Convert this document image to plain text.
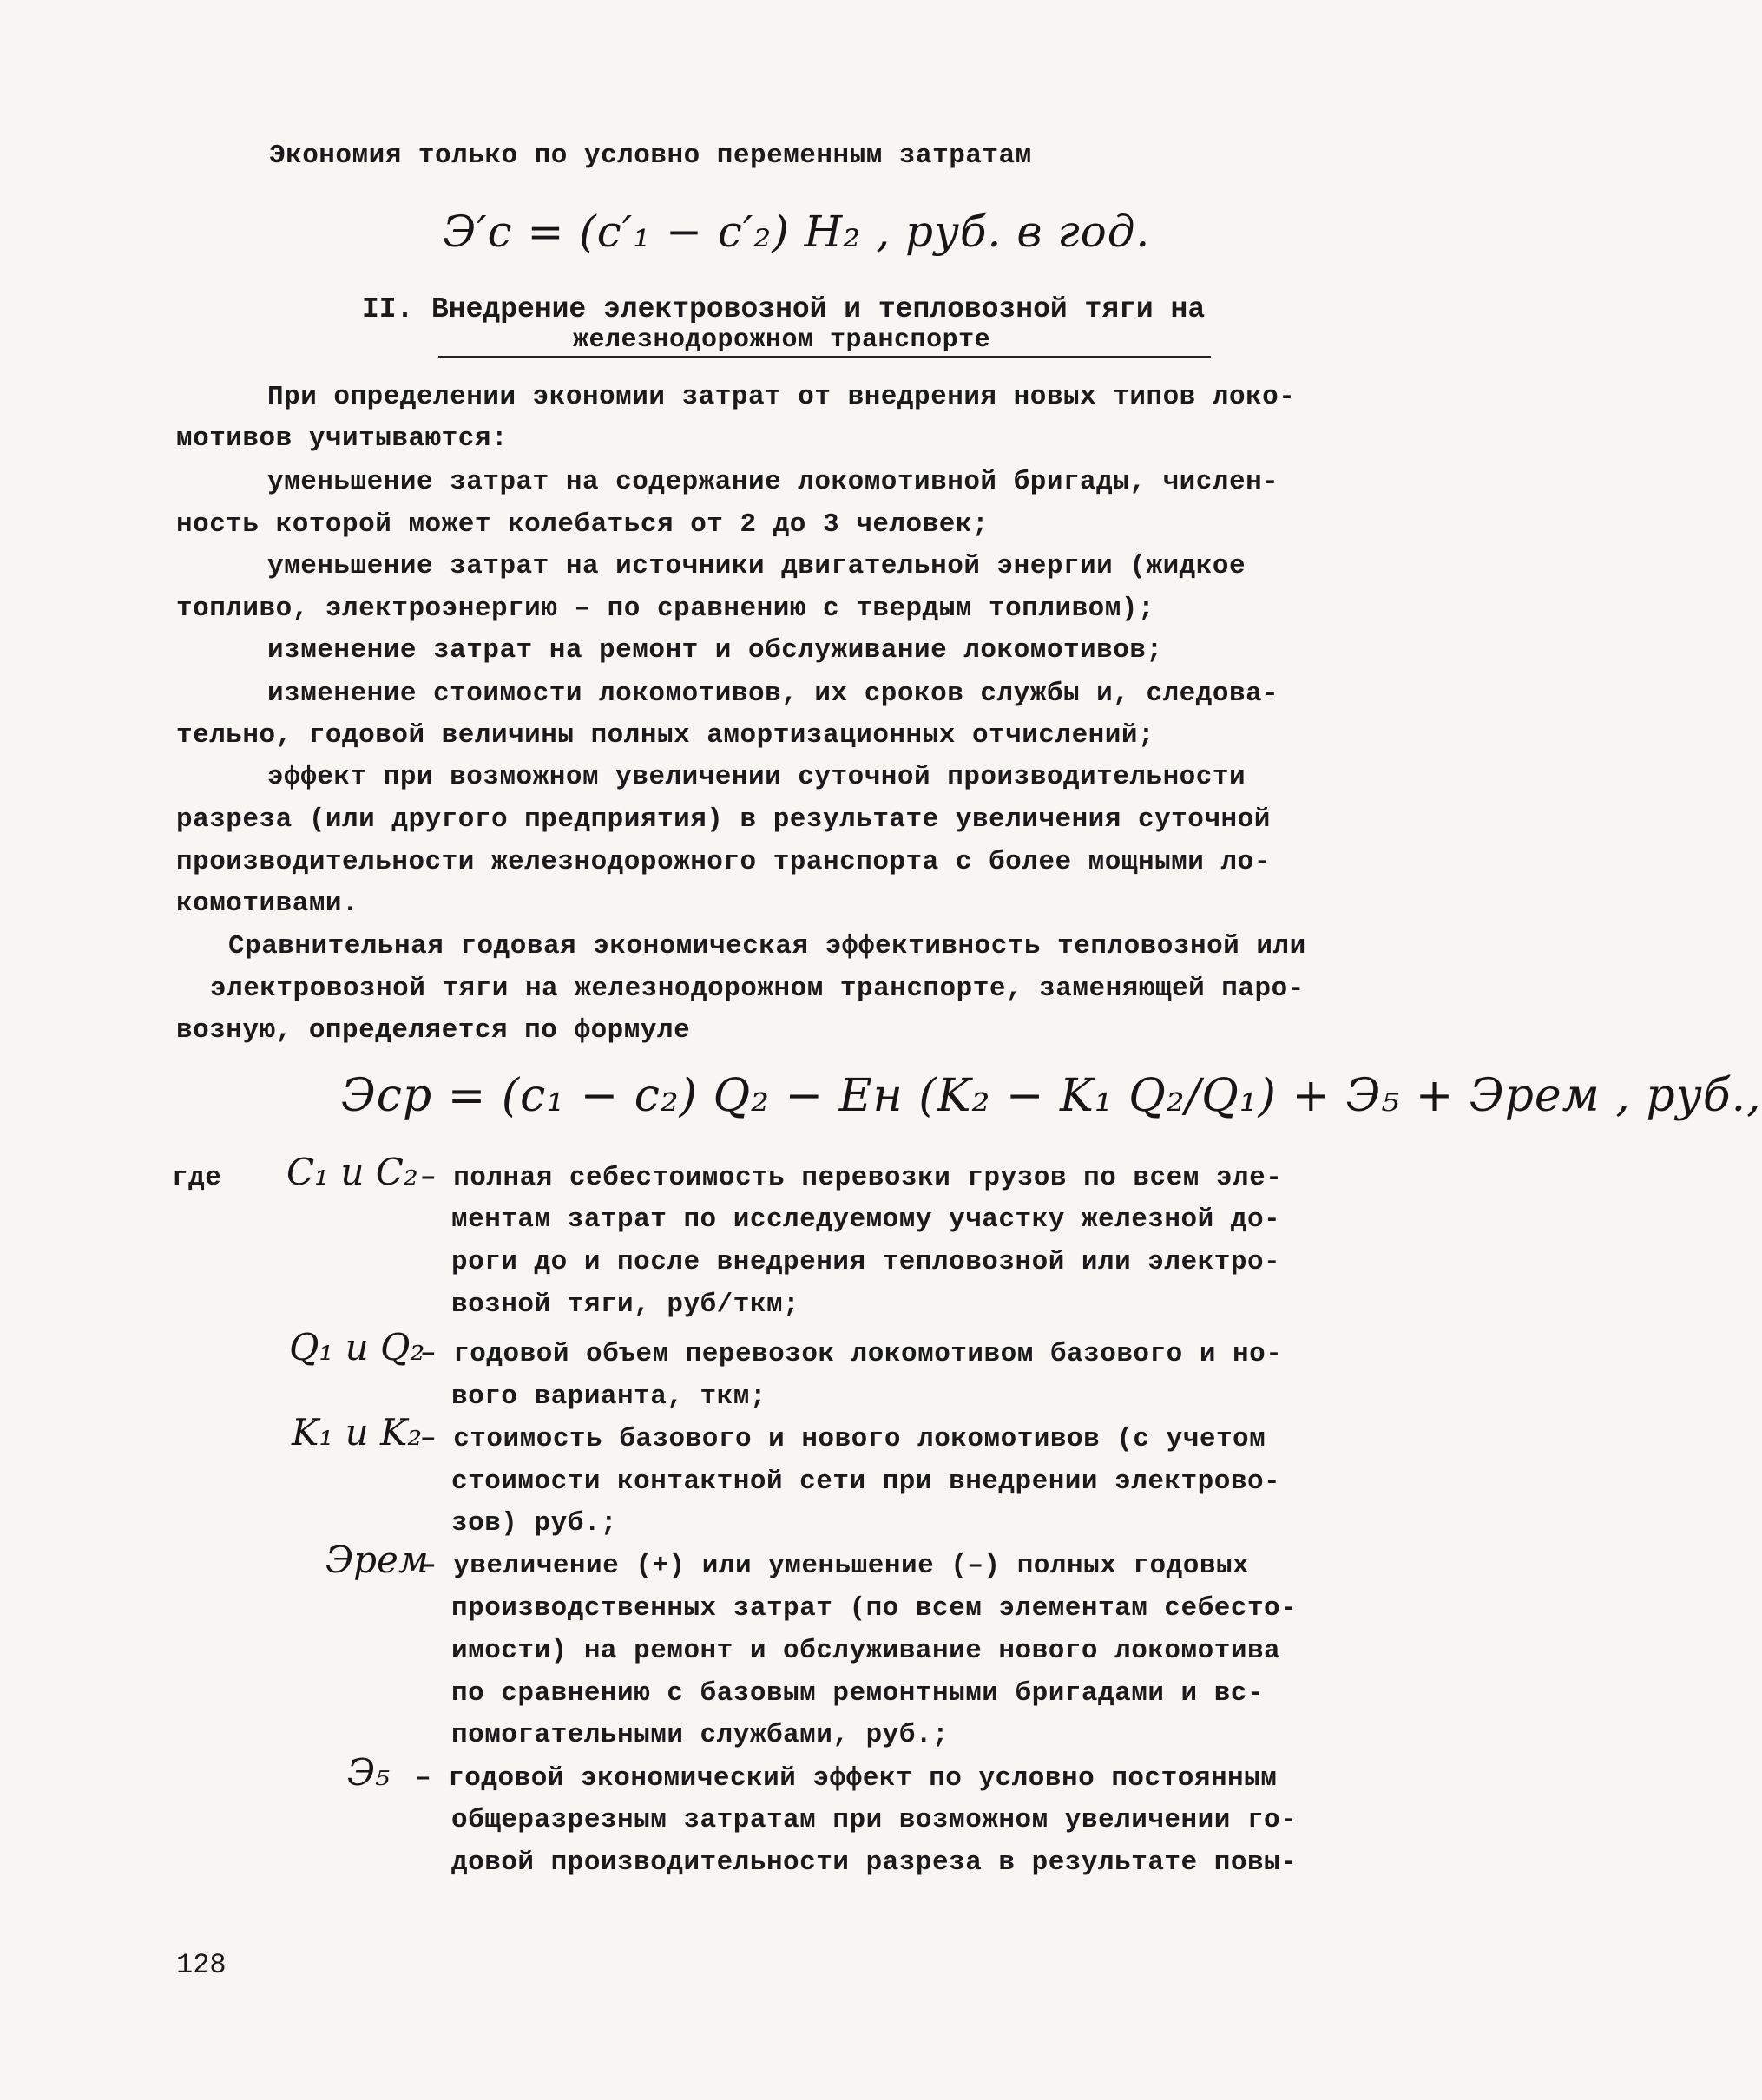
Экономия только по условно переменным затратам
Э′c = (c′₁ − c′₂) H₂ , руб. в год.
II. Внедрение электровозной и тепловозной тяги на
железнодорожном транспорте
При определении экономии затрат от внедрения новых типов локо-
мотивов учитываются:
уменьшение затрат на содержание локомотивной бригады, числен-
ность которой может колебаться от 2 до 3 человек;
уменьшение затрат на источники двигательной энергии (жидкое
топливо, электроэнергию – по сравнению с твердым топливом);
изменение затрат на ремонт и обслуживание локомотивов;
изменение стоимости локомотивов, их сроков службы и, следова-
тельно, годовой величины полных амортизационных отчислений;
эффект при возможном увеличении суточной производительности
разреза (или другого предприятия) в результате увеличения суточной
производительности железнодорожного транспорта с более мощными ло-
комотивами.
Сравнительная годовая экономическая эффективность тепловозной или
электровозной тяги на железнодорожном транспорте, заменяющей паро-
возную, определяется по формуле
Эср = (c₁ − c₂) Q₂ − Eн (K₂ − K₁ Q₂/Q₁) + Э₅ + Эрем , руб.,
где C₁ и C₂ – полная себестоимость перевозки грузов по всем эле-
ментам затрат по исследуемому участку железной до-
роги до и после внедрения тепловозной или электро-
возной тяги, руб/ткм;
Q₁ и Q₂
– годовой объем перевозок локомотивом базового и но-
вого варианта, ткм;
K₁ и K₂
– стоимость базового и нового локомотивов (с учетом
стоимости контактной сети при внедрении электрово-
зов) руб.;
Эрем
– увеличение (+) или уменьшение (–) полных годовых
производственных затрат (по всем элементам себесто-
имости) на ремонт и обслуживание нового локомотива
по сравнению с базовым ремонтными бригадами и вс-
помогательными службами, руб.;
Э₅ – годовой экономический эффект по условно постоянным
общеразрезным затратам при возможном увеличении го-
довой производительности разреза в результате повы-
128
